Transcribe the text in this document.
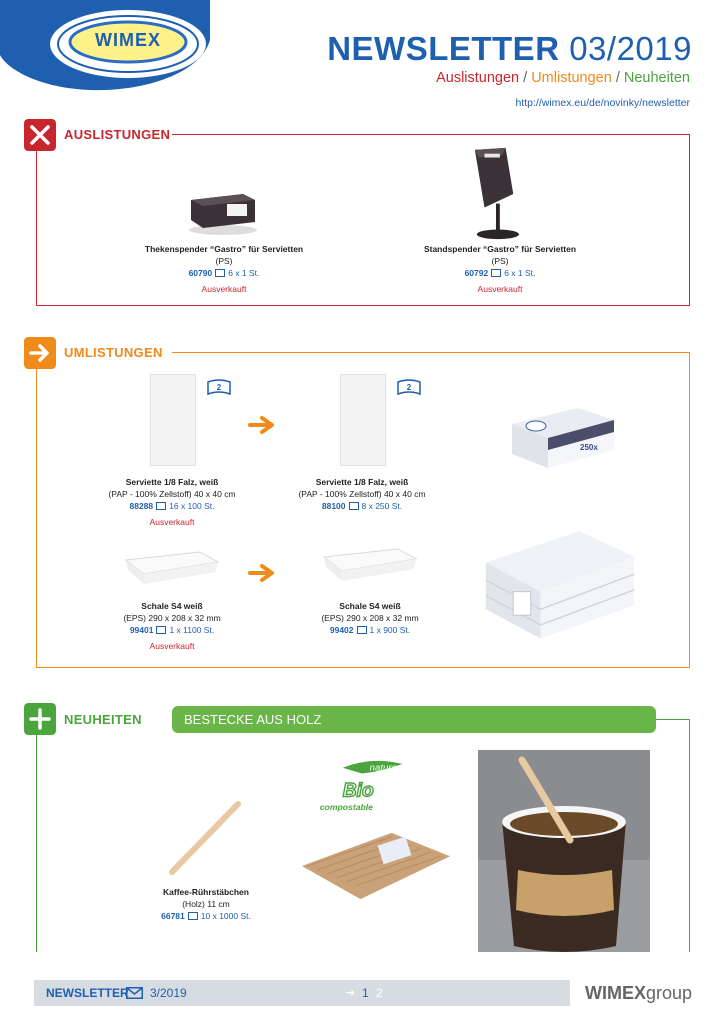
WIMEX	NEWSLETTER 03/2019
Auslistungen / Umlistungen / Neuheiten
http://wimex.eu/de/novinky/newsletter
AUSLISTUNGEN
Thekenspender “Gastro” für Servietten
(PS)
60790 6 x 1 St.
Ausverkauft
Standspender “Gastro” für Servietten
(PS)
60792 6 x 1 St.
Ausverkauft
UMLISTUNGEN
2	2
250x
Serviette 1/8 Falz, weiß
(PAP - 100% Zellstoff) 40 x 40 cm
88288 16 x 100 St.
Ausverkauft
Serviette 1/8 Falz, weiß
(PAP - 100% Zellstoff) 40 x 40 cm
88100 8 x 250 St.
Schale S4 weiß
(EPS) 290 x 208 x 32 mm
99401 1 x 1100 St.
Ausverkauft
Schale S4 weiß
(EPS) 290 x 208 x 32 mm
99402 1 x 900 St.
NEUHEITEN	BESTECKE AUS HOLZ
Kaffee-Rührstäbchen
(Holz) 11 cm
66781 10 x 1000 St.
nature
Bio
compostable
NEWSLETTER 3/2019	➔ 1 2	WIMEXgroup
